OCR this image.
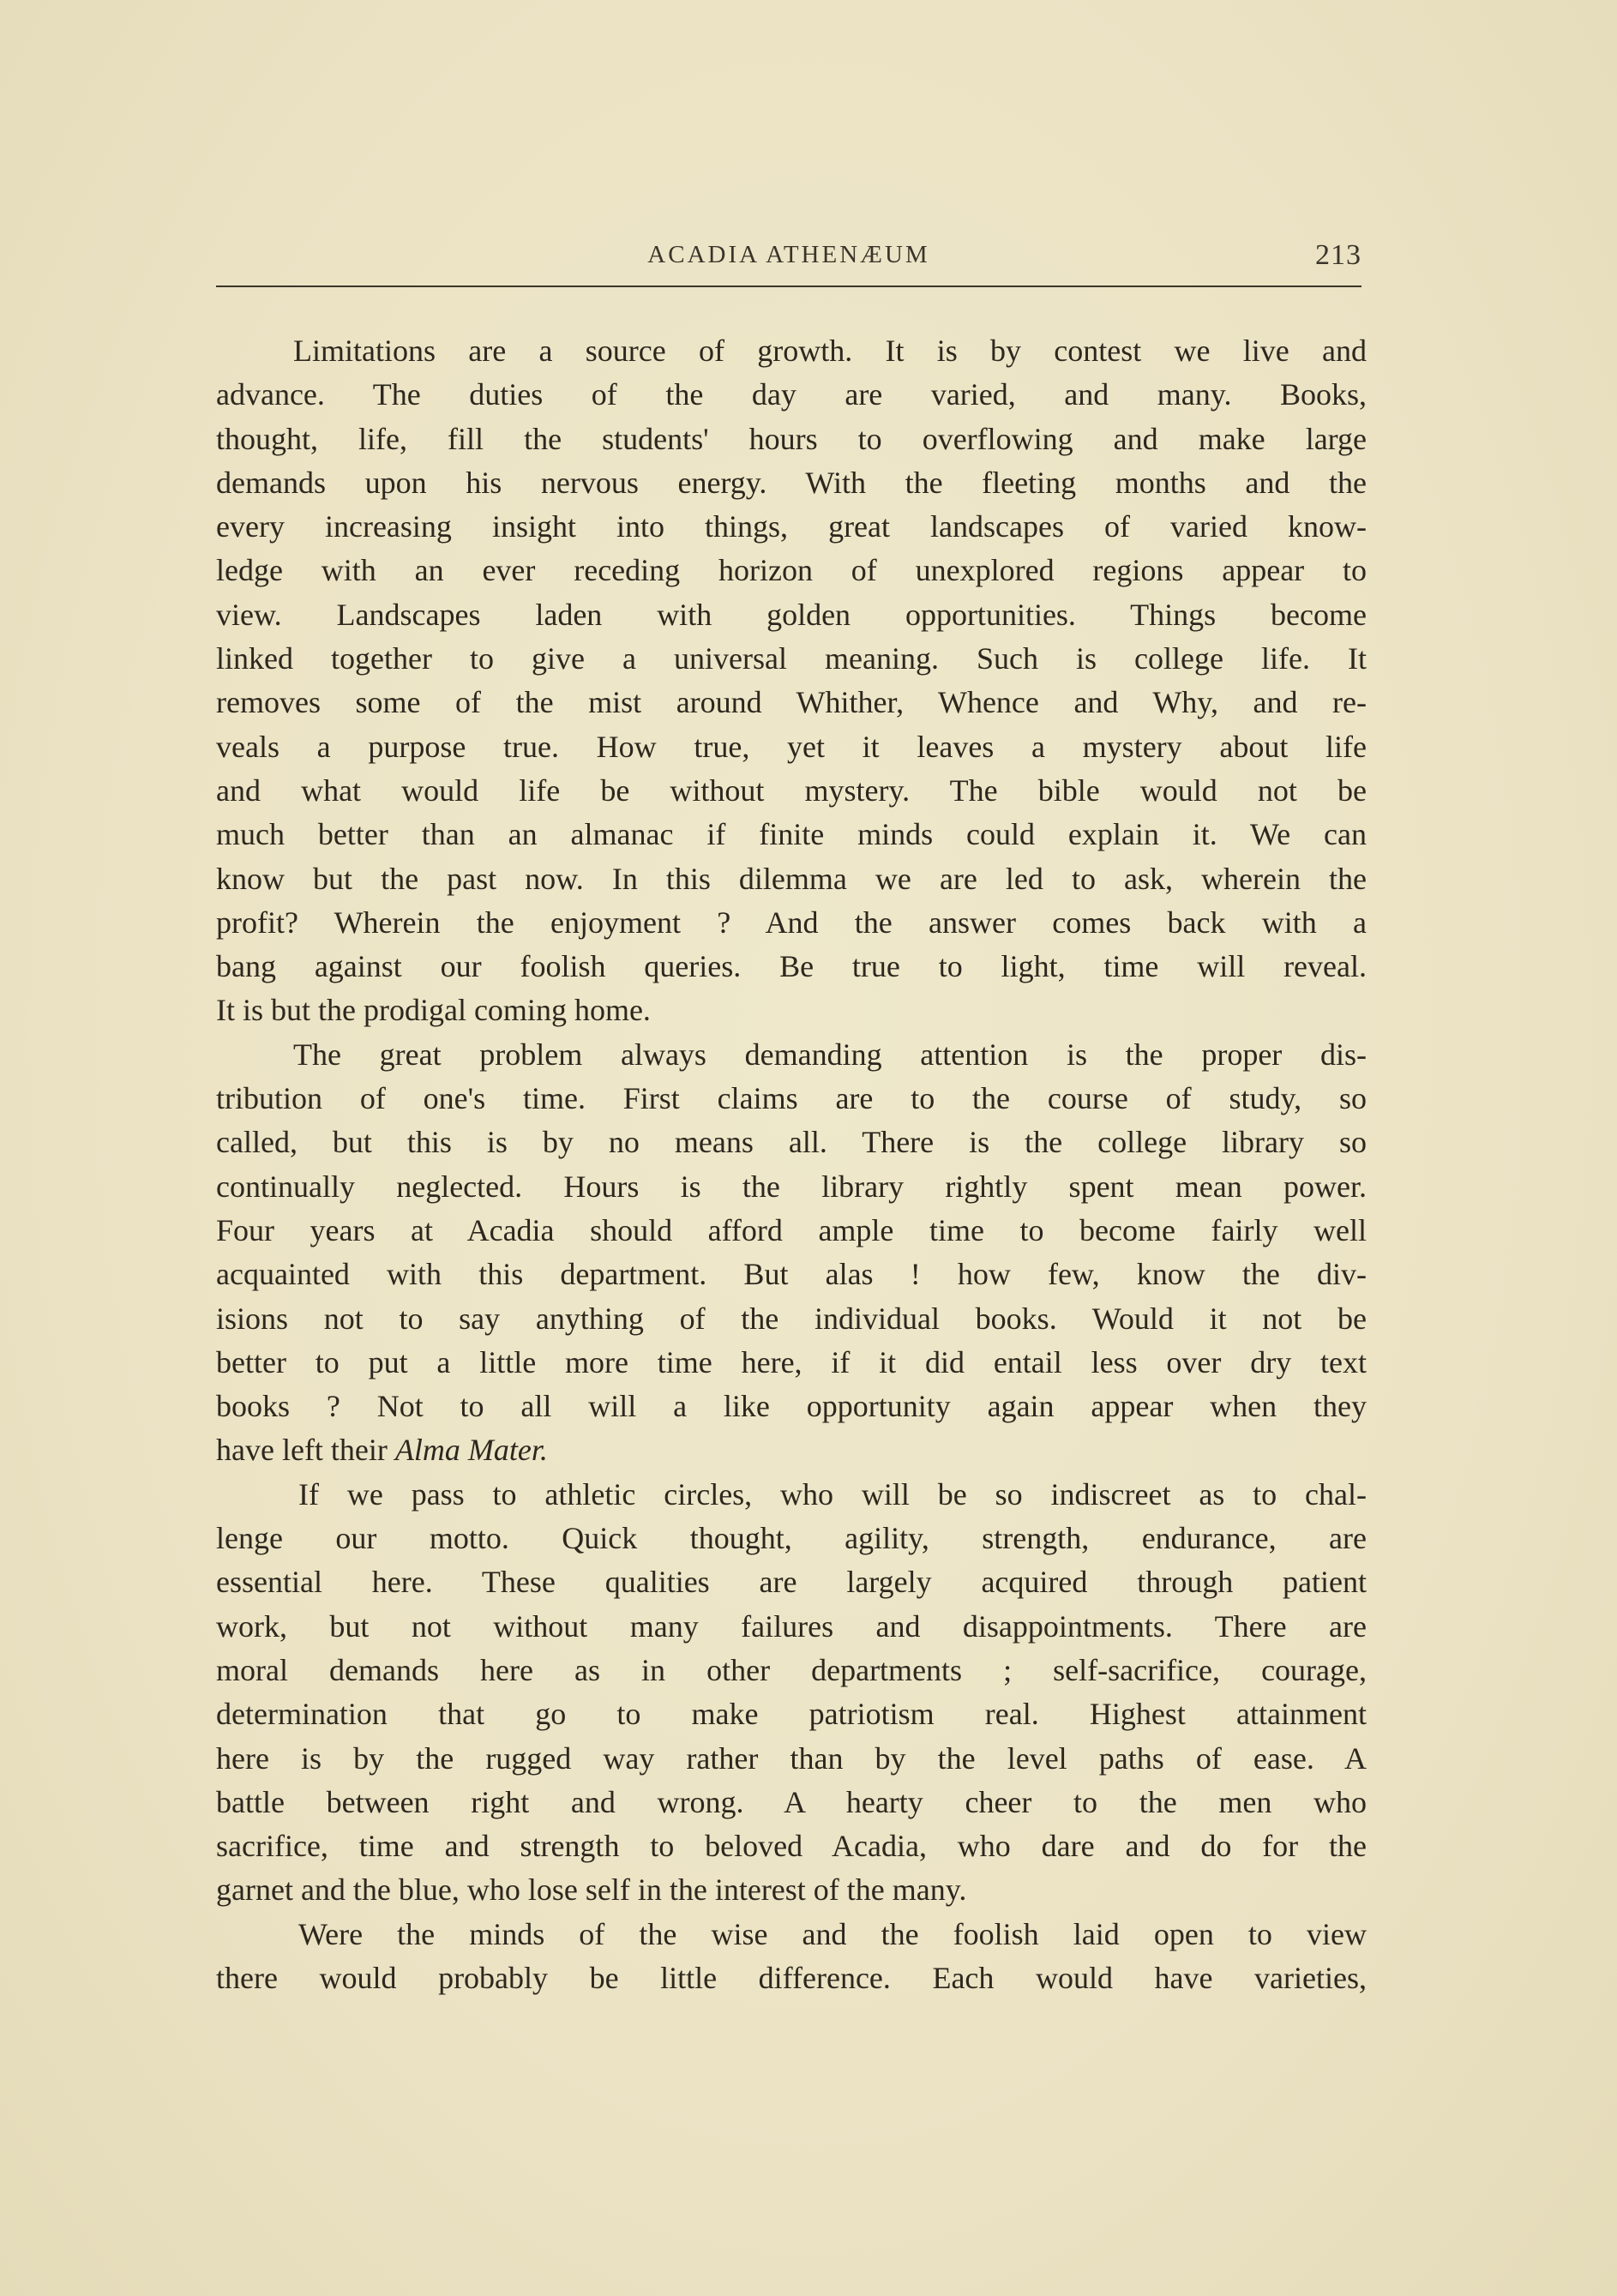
ACADIA ATHENÆUM	213
Limitations are a source of growth. It is by contest we live and
advance. The duties of the day are varied, and many. Books,
thought, life, fill the students' hours to overflowing and make large
demands upon his nervous energy. With the fleeting months and the
every increasing insight into things, great landscapes of varied know-
ledge with an ever receding horizon of unexplored regions appear to
view. Landscapes laden with golden opportunities. Things become
linked together to give a universal meaning. Such is college life. It
removes some of the mist around Whither, Whence and Why, and re-
veals a purpose true. How true, yet it leaves a mystery about life
and what would life be without mystery. The bible would not be
much better than an almanac if finite minds could explain it. We can
know but the past now. In this dilemma we are led to ask, wherein the
profit? Wherein the enjoyment ? And the answer comes back with a
bang against our foolish queries. Be true to light, time will reveal.
It is but the prodigal coming home.
The great problem always demanding attention is the proper dis-
tribution of one's time. First claims are to the course of study, so
called, but this is by no means all. There is the college library so
continually neglected. Hours is the library rightly spent mean power.
Four years at Acadia should afford ample time to become fairly well
acquainted with this department. But alas ! how few, know the div-
isions not to say anything of the individual books. Would it not be
better to put a little more time here, if it did entail less over dry text
books ? Not to all will a like opportunity again appear when they
have left their Alma Mater.
If we pass to athletic circles, who will be so indiscreet as to chal-
lenge our motto. Quick thought, agility, strength, endurance, are
essential here. These qualities are largely acquired through patient
work, but not without many failures and disappointments. There are
moral demands here as in other departments ; self-sacrifice, courage,
determination that go to make patriotism real. Highest attainment
here is by the rugged way rather than by the level paths of ease. A
battle between right and wrong. A hearty cheer to the men who
sacrifice, time and strength to beloved Acadia, who dare and do for the
garnet and the blue, who lose self in the interest of the many.
Were the minds of the wise and the foolish laid open to view
there would probably be little difference. Each would have varieties,
